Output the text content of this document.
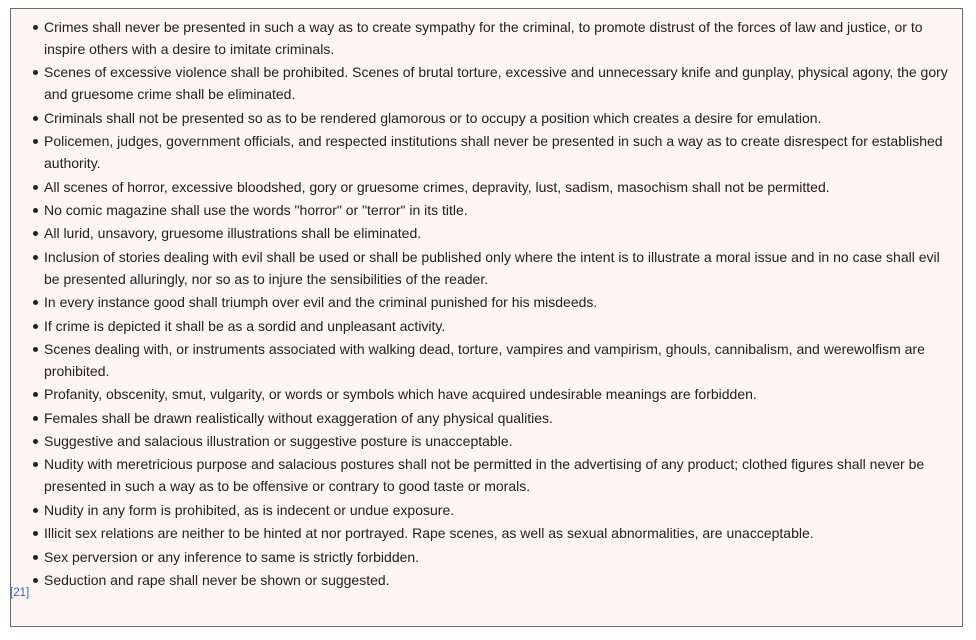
Crimes shall never be presented in such a way as to create sympathy for the criminal, to promote distrust of the forces of law and justice, or to inspire others with a desire to imitate criminals.
Scenes of excessive violence shall be prohibited. Scenes of brutal torture, excessive and unnecessary knife and gunplay, physical agony, the gory and gruesome crime shall be eliminated.
Criminals shall not be presented so as to be rendered glamorous or to occupy a position which creates a desire for emulation.
Policemen, judges, government officials, and respected institutions shall never be presented in such a way as to create disrespect for established authority.
All scenes of horror, excessive bloodshed, gory or gruesome crimes, depravity, lust, sadism, masochism shall not be permitted.
No comic magazine shall use the words "horror" or "terror" in its title.
All lurid, unsavory, gruesome illustrations shall be eliminated.
Inclusion of stories dealing with evil shall be used or shall be published only where the intent is to illustrate a moral issue and in no case shall evil be presented alluringly, nor so as to injure the sensibilities of the reader.
In every instance good shall triumph over evil and the criminal punished for his misdeeds.
If crime is depicted it shall be as a sordid and unpleasant activity.
Scenes dealing with, or instruments associated with walking dead, torture, vampires and vampirism, ghouls, cannibalism, and werewolfism are prohibited.
Profanity, obscenity, smut, vulgarity, or words or symbols which have acquired undesirable meanings are forbidden.
Females shall be drawn realistically without exaggeration of any physical qualities.
Suggestive and salacious illustration or suggestive posture is unacceptable.
Nudity with meretricious purpose and salacious postures shall not be permitted in the advertising of any product; clothed figures shall never be presented in such a way as to be offensive or contrary to good taste or morals.
Nudity in any form is prohibited, as is indecent or undue exposure.
Illicit sex relations are neither to be hinted at nor portrayed. Rape scenes, as well as sexual abnormalities, are unacceptable.
Sex perversion or any inference to same is strictly forbidden.
Seduction and rape shall never be shown or suggested.
[21]
